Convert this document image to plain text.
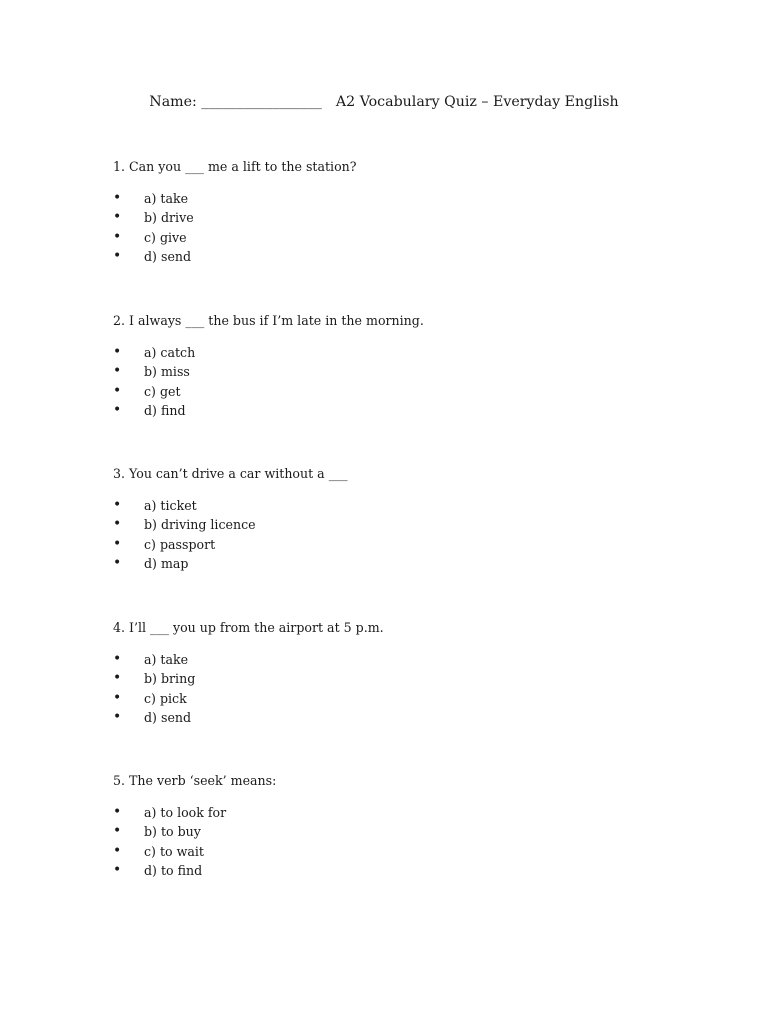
Name: _________________ A2 Vocabulary Quiz – Everyday English

1. Can you ___ me a lift to the station?

• a) take
• b) drive
• c) give
• d) send

2. I always ___ the bus if I’m late in the morning.

• a) catch
• b) miss
• c) get
• d) find

3. You can’t drive a car without a ___

• a) ticket
• b) driving licence
• c) passport
• d) map

4. I’ll ___ you up from the airport at 5 p.m.

• a) take
• b) bring
• c) pick
• d) send

5. The verb ‘seek’ means:

• a) to look for
• b) to buy
• c) to wait
• d) to find
